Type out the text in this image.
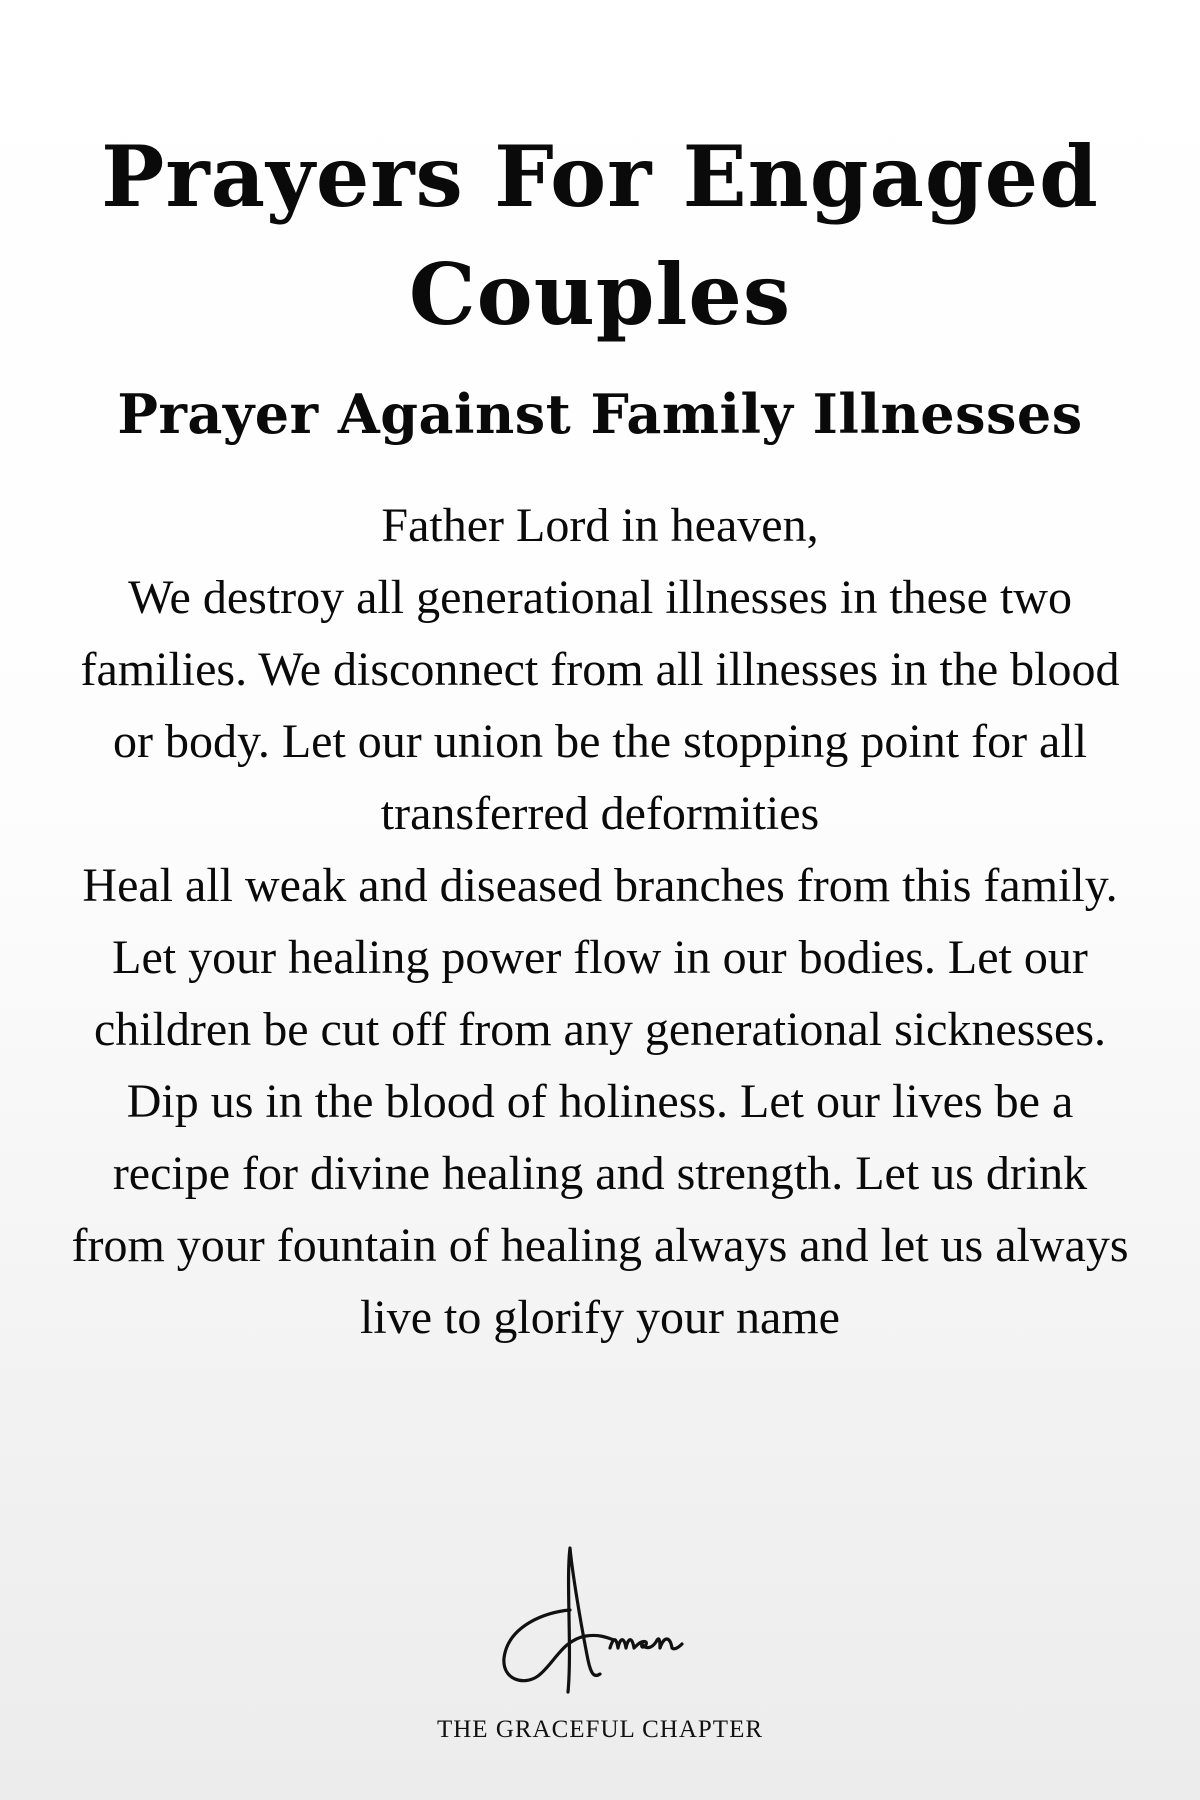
Prayers For Engaged Couples
Prayer Against Family Illnesses

Father Lord in heaven,

We destroy all generational illnesses in these two families. We disconnect from all illnesses in the blood or body. Let our union be the stopping point for all transferred deformities

Heal all weak and diseased branches from this family. Let your healing power flow in our bodies. Let our children be cut off from any generational sicknesses. Dip us in the blood of holiness. Let our lives be a recipe for divine healing and strength. Let us drink from your fountain of healing always and let us always live to glorify your name

THE GRACEFUL CHAPTER
